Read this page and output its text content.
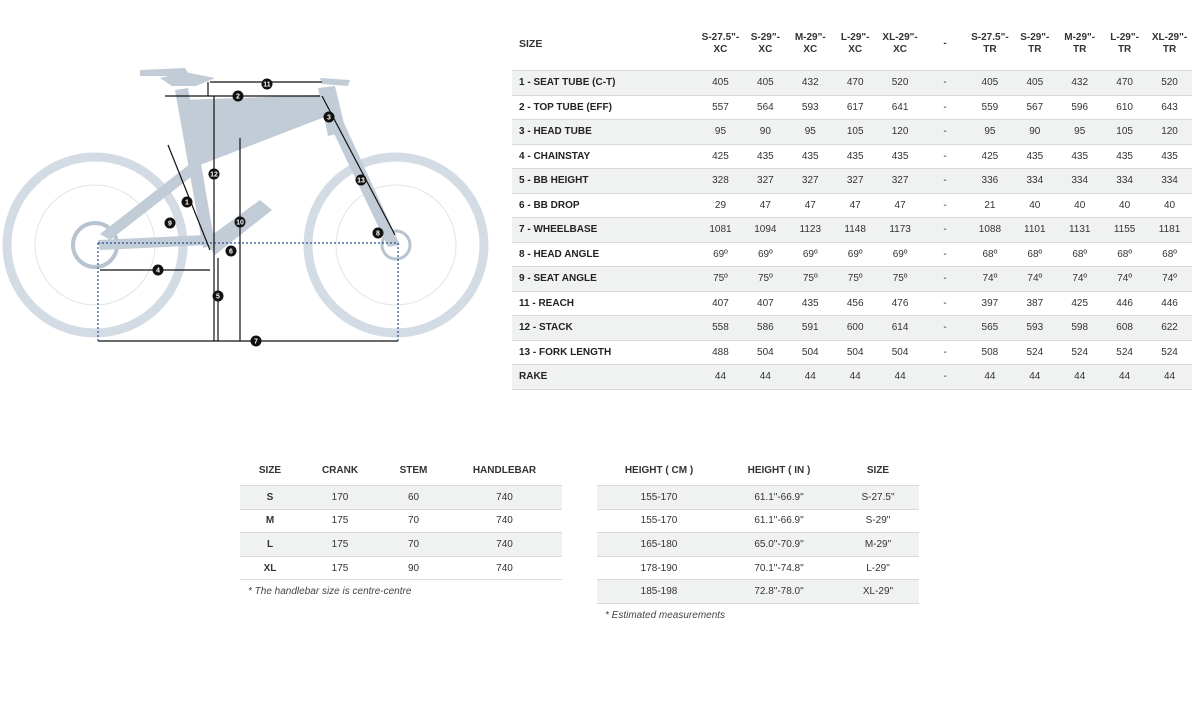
1
2
3
4
5
6
7
8
9	10
11
12
13
SIZE	S-27.5"-XC	S-29"-XC	M-29"-XC	L-29"-XC	XL-29"-XC	-	S-27.5"-TR	S-29"-TR	M-29"-TR	L-29"-TR	XL-29"-TR
1 - SEAT TUBE (C-T)	405	405	432	470	520	-	405	405	432	470	520
2 - TOP TUBE (EFF)	557	564	593	617	641	-	559	567	596	610	643
3 - HEAD TUBE	95	90	95	105	120	-	95	90	95	105	120
4 - CHAINSTAY	425	435	435	435	435	-	425	435	435	435	435
5 - BB HEIGHT	328	327	327	327	327	-	336	334	334	334	334
6 - BB DROP	29	47	47	47	47	-	21	40	40	40	40
7 - WHEELBASE	1081	1094	1123	1148	1173	-	1088	1101	1131	1155	1181
8 - HEAD ANGLE	69º	69º	69º	69º	69º	-	68º	68º	68º	68º	68º
9 - SEAT ANGLE	75º	75º	75º	75º	75º	-	74º	74º	74º	74º	74º
11 - REACH	407	407	435	456	476	-	397	387	425	446	446
12 - STACK	558	586	591	600	614	-	565	593	598	608	622
13 - FORK LENGTH	488	504	504	504	504	-	508	524	524	524	524
RAKE	44	44	44	44	44	-	44	44	44	44	44
SIZE	CRANK	STEM	HANDLEBAR
S	170	60	740
M	175	70	740
L	175	70	740
XL	175	90	740
* The handlebar size is centre-centre
HEIGHT ( CM )	HEIGHT ( IN )	SIZE
155-170	61.1"-66.9"	S-27.5"
155-170	61.1"-66.9"	S-29"
165-180	65.0"-70.9"	M-29"
178-190	70.1"-74.8"	L-29"
185-198	72.8"-78.0"	XL-29"
* Estimated measurements
